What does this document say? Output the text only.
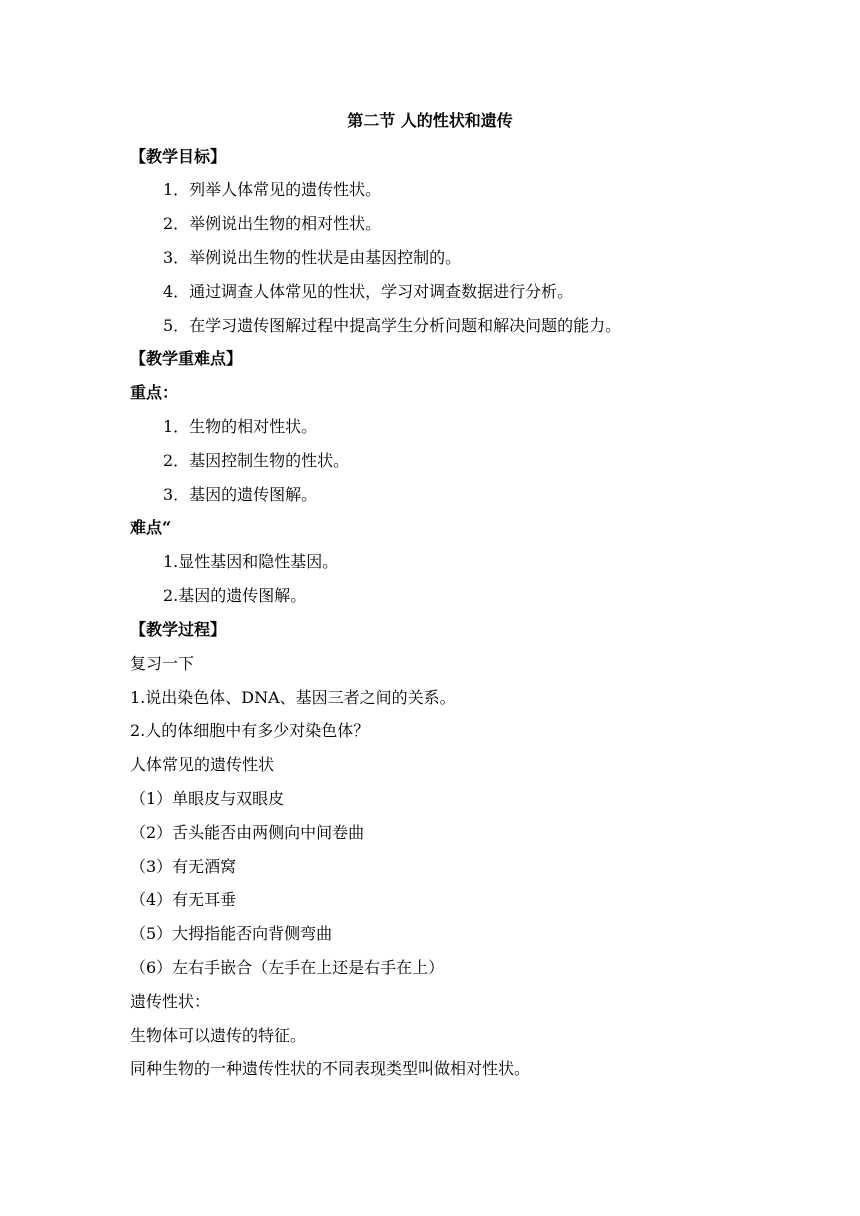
第二节 人的性状和遗传
【教学目标】
1．列举人体常见的遗传性状。
2．举例说出生物的相对性状。
3．举例说出生物的性状是由基因控制的。
4．通过调查人体常见的性状，学习对调查数据进行分析。
5．在学习遗传图解过程中提高学生分析问题和解决问题的能力。
【教学重难点】
重点：
1．生物的相对性状。
2．基因控制生物的性状。
3．基因的遗传图解。
难点“
1.显性基因和隐性基因。
2.基因的遗传图解。
【教学过程】
复习一下
1.说出染色体、DNA、基因三者之间的关系。
2.人的体细胞中有多少对染色体？
人体常见的遗传性状
（1）单眼皮与双眼皮
（2）舌头能否由两侧向中间卷曲
（3）有无酒窝
（4）有无耳垂
（5）大拇指能否向背侧弯曲
（6）左右手嵌合（左手在上还是右手在上）
遗传性状：
生物体可以遗传的特征。
同种生物的一种遗传性状的不同表现类型叫做相对性状。
